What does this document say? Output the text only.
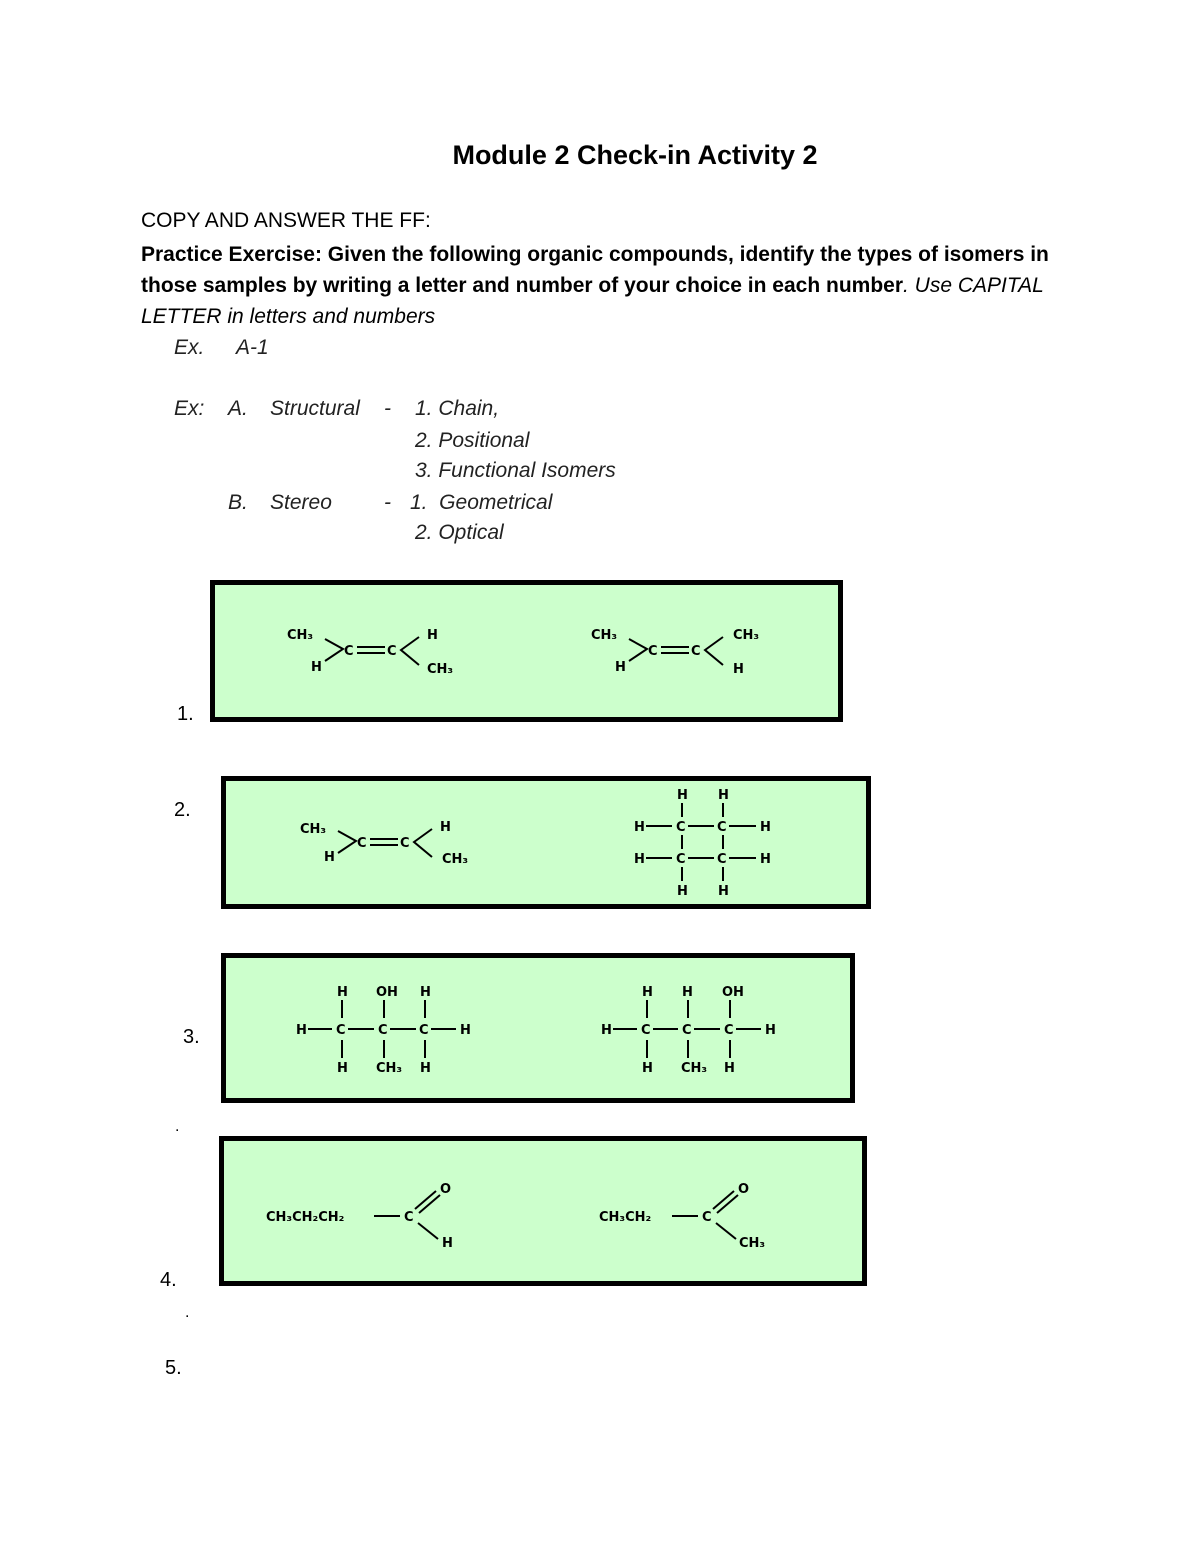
Module 2 Check-in Activity 2
COPY AND ANSWER THE FF:
Practice Exercise: Given the following organic compounds, identify the types of isomers in those samples by writing a letter and number of your choice in each number. Use CAPITAL LETTER in letters and numbers
Ex. A-1
Ex: A. Structural - 1. Chain,
2. Positional
3. Functional Isomers
B. Stereo - 1.  Geometrical
2. Optical
1.
CH₃
H
C	C
H
CH₃
CH₃
H
C	C
CH₃
H
2.
CH₃
H
C	C
H
CH₃
H H
H C C	H
H C C	H
H H
3.
H OH H
H C C C H
H CH₃ H
H H OH
H C C C H
H CH₃ H
.
4.
CH₃CH₂CH₂	C
O
H
CH₃CH₂	C
O
CH₃
.
5.
